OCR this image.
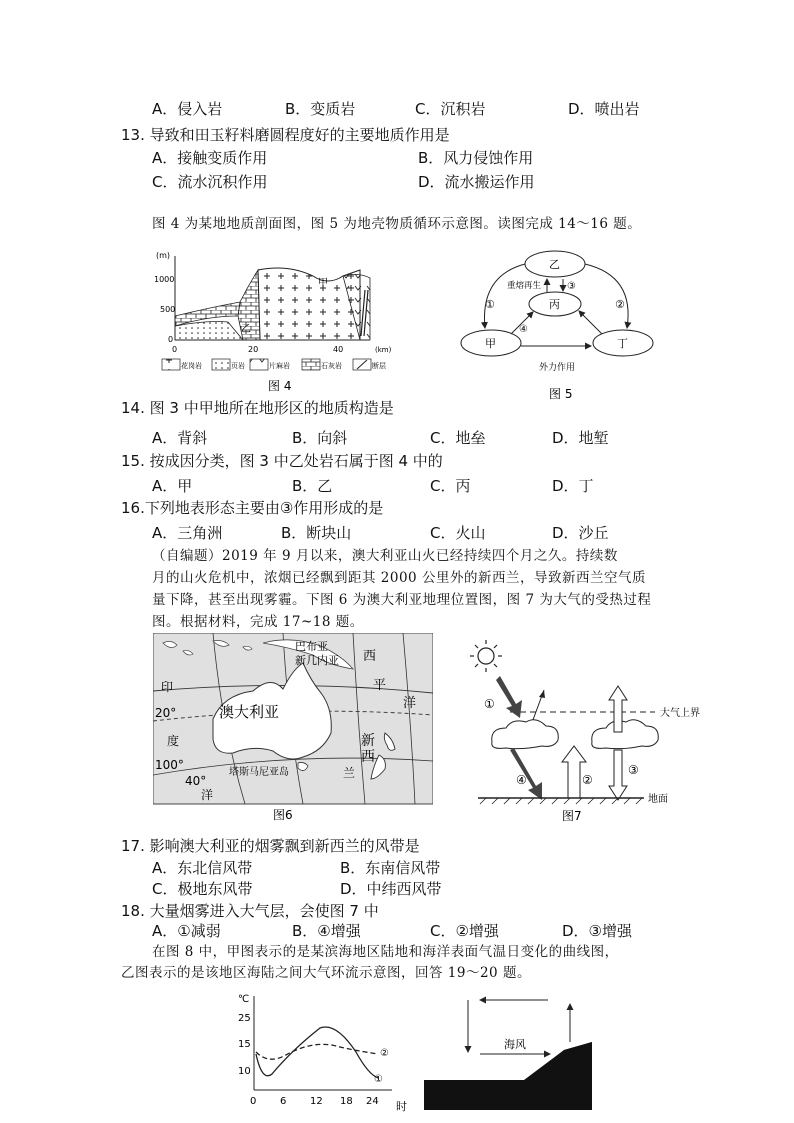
A．侵入岩	B．变质岩	C．沉积岩	D．喷出岩
13. 导致和田玉籽料磨圆程度好的主要地质作用是
A．接触变质作用	B．风力侵蚀作用
C．流水沉积作用	D．流水搬运作用
图 4 为某地地质剖面图，图 5 为地壳物质循环示意图。读图完成 14～16 题。
(m)
1000
500
0
甲
乙
0	20	40	(km)
花岗岩	页岩	片麻岩	石灰岩	断层
图 4
乙
丙
甲	丁
重熔再生	③
①	②
④
外力作用
图 5
14. 图 3 中甲地所在地形区的地质构造是
A．背斜	B．向斜	C．地垒	D．地堑
15. 按成因分类，图 3 中乙处岩石属于图 4 中的
A．甲	B．乙	C．丙	D．丁
16.下列地表形态主要由③作用形成的是
A．三角洲	B．断块山	C．火山	D．沙丘
（自编题）2019 年 9 月以来，澳大利亚山火已经持续四个月之久。持续数
月的山火危机中，浓烟已经飘到距其 2000 公里外的新西兰，导致新西兰空气质
量下降，甚至出现雾霾。下图 6 为澳大利亚地理位置图，图 7 为大气的受热过程
图。根据材料，完成 17~18 题。
巴布亚
新几内亚 西
平
洋
印
20°
度
100°
40°
洋
澳大利亚
塔斯马尼亚岛
新
西
兰
图6
大气上界
①
④	②
③
地面
图7
17. 影响澳大利亚的烟雾飘到新西兰的风带是
A．东北信风带	B．东南信风带
C．极地东风带	D．中纬西风带
18. 大量烟雾进入大气层，会使图 7 中
A．①减弱	B．④增强	C．②增强	D．③增强
在图 8 中，甲图表示的是某滨海地区陆地和海洋表面气温日变化的曲线图，
乙图表示的是该地区海陆之间大气环流示意图，回答 19～20 题。
℃
25
15
10
②
①
0 6 12 18 24 时
海风
